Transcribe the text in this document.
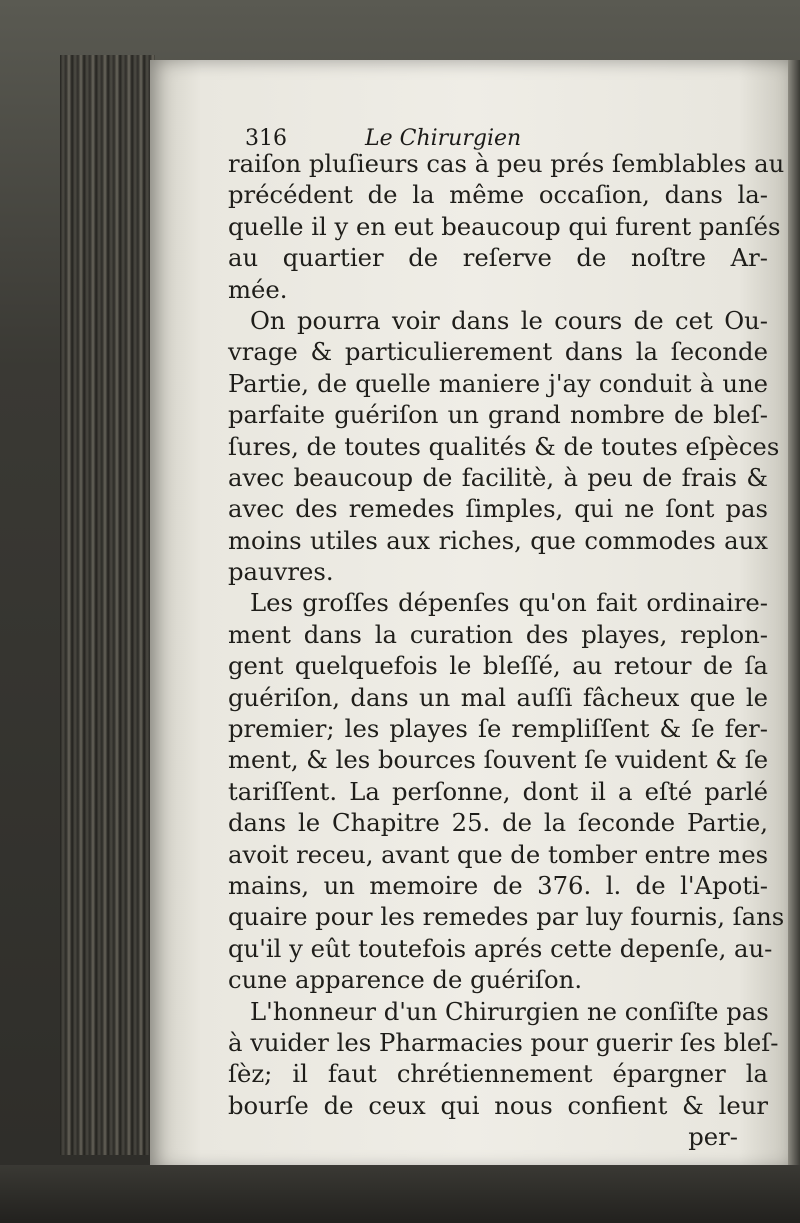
316	Le Chirurgien
raiſon pluſieurs cas à peu prés ſemblables au
précédent de la même occaſion, dans la-
quelle il y en eut beaucoup qui furent panſés
au quartier de reſerve de noſtre Ar-
mée.
On pourra voir dans le cours de cet Ou-
vrage & particulierement dans la ſeconde
Partie, de quelle maniere j'ay conduit à une
parfaite guériſon un grand nombre de bleſ-
ſures, de toutes qualités & de toutes eſpèces
avec beaucoup de facilitè, à peu de frais &
avec des remedes ſimples, qui ne ſont pas
moins utiles aux riches, que commodes aux
pauvres.
Les groſſes dépenſes qu'on fait ordinaire-
ment dans la curation des playes, replon-
gent quelquefois le bleſſé, au retour de ſa
guériſon, dans un mal auſſi fâcheux que le
premier; les playes ſe rempliſſent & ſe fer-
ment, & les bources ſouvent ſe vuident & ſe
tariſſent. La perſonne, dont il a eſté parlé
dans le Chapitre 25. de la ſeconde Partie,
avoit receu, avant que de tomber entre mes
mains, un memoire de 376. l. de l'Apoti-
quaire pour les remedes par luy fournis, ſans
qu'il y eût toutefois aprés cette depenſe, au-
cune apparence de guériſon.
L'honneur d'un Chirurgien ne conſiſte pas
à vuider les Pharmacies pour guerir ſes bleſ-
ſèz; il faut chrétiennement épargner la
bourſe de ceux qui nous confient & leur
per-
